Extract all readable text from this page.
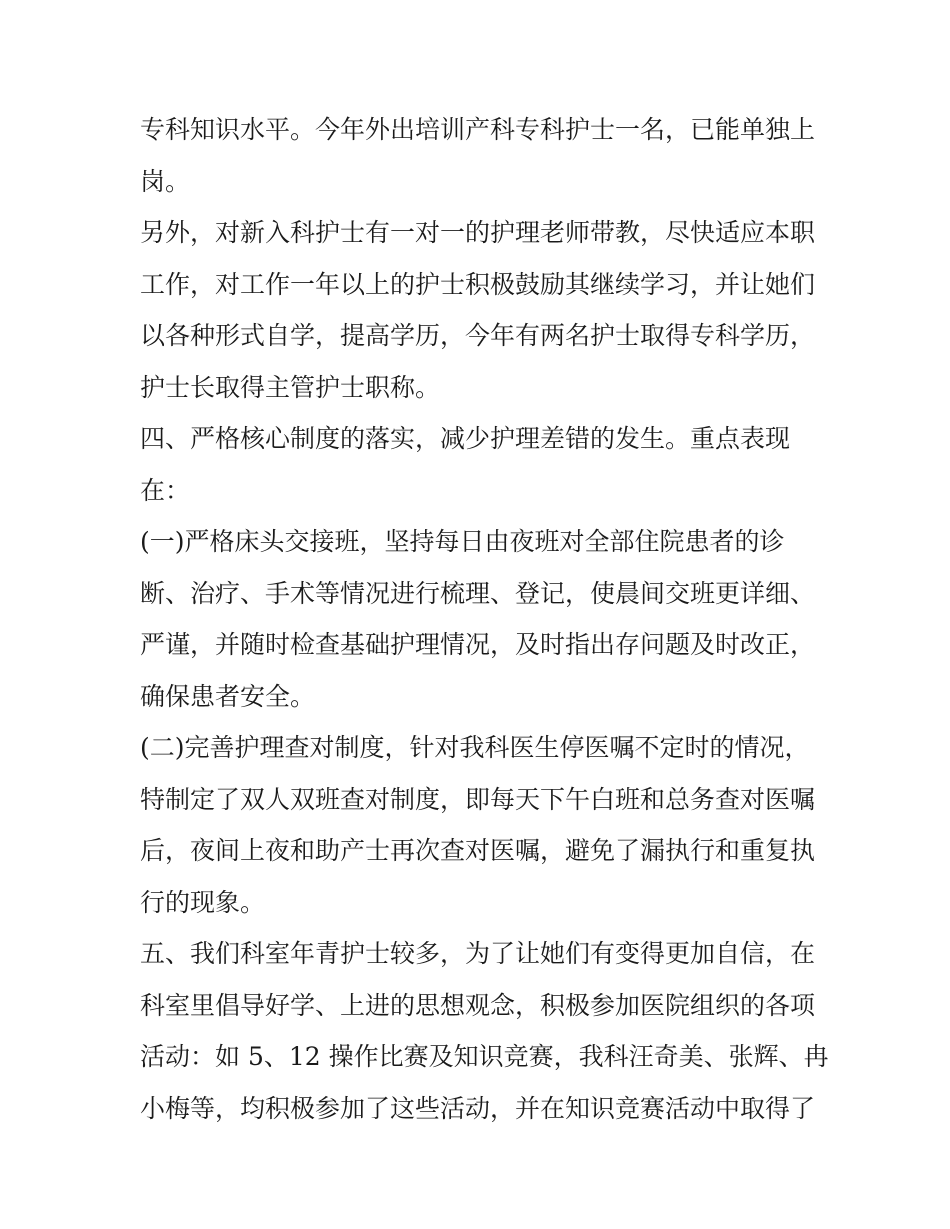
专科知识水平。今年外出培训产科专科护士一名，已能单独上
岗。
另外，对新入科护士有一对一的护理老师带教，尽快适应本职
工作，对工作一年以上的护士积极鼓励其继续学习，并让她们
以各种形式自学，提高学历，今年有两名护士取得专科学历，
护士长取得主管护士职称。
四、严格核心制度的落实，减少护理差错的发生。重点表现
在：
(一)严格床头交接班，坚持每日由夜班对全部住院患者的诊
断、治疗、手术等情况进行梳理、登记，使晨间交班更详细、
严谨，并随时检查基础护理情况，及时指出存问题及时改正，
确保患者安全。
(二)完善护理查对制度，针对我科医生停医嘱不定时的情况，
特制定了双人双班查对制度，即每天下午白班和总务查对医嘱
后，夜间上夜和助产士再次查对医嘱，避免了漏执行和重复执
行的现象。
五、我们科室年青护士较多，为了让她们有变得更加自信，在
科室里倡导好学、上进的思想观念，积极参加医院组织的各项
活动：如 5、12 操作比赛及知识竞赛，我科汪奇美、张辉、冉
小梅等，均积极参加了这些活动，并在知识竞赛活动中取得了
